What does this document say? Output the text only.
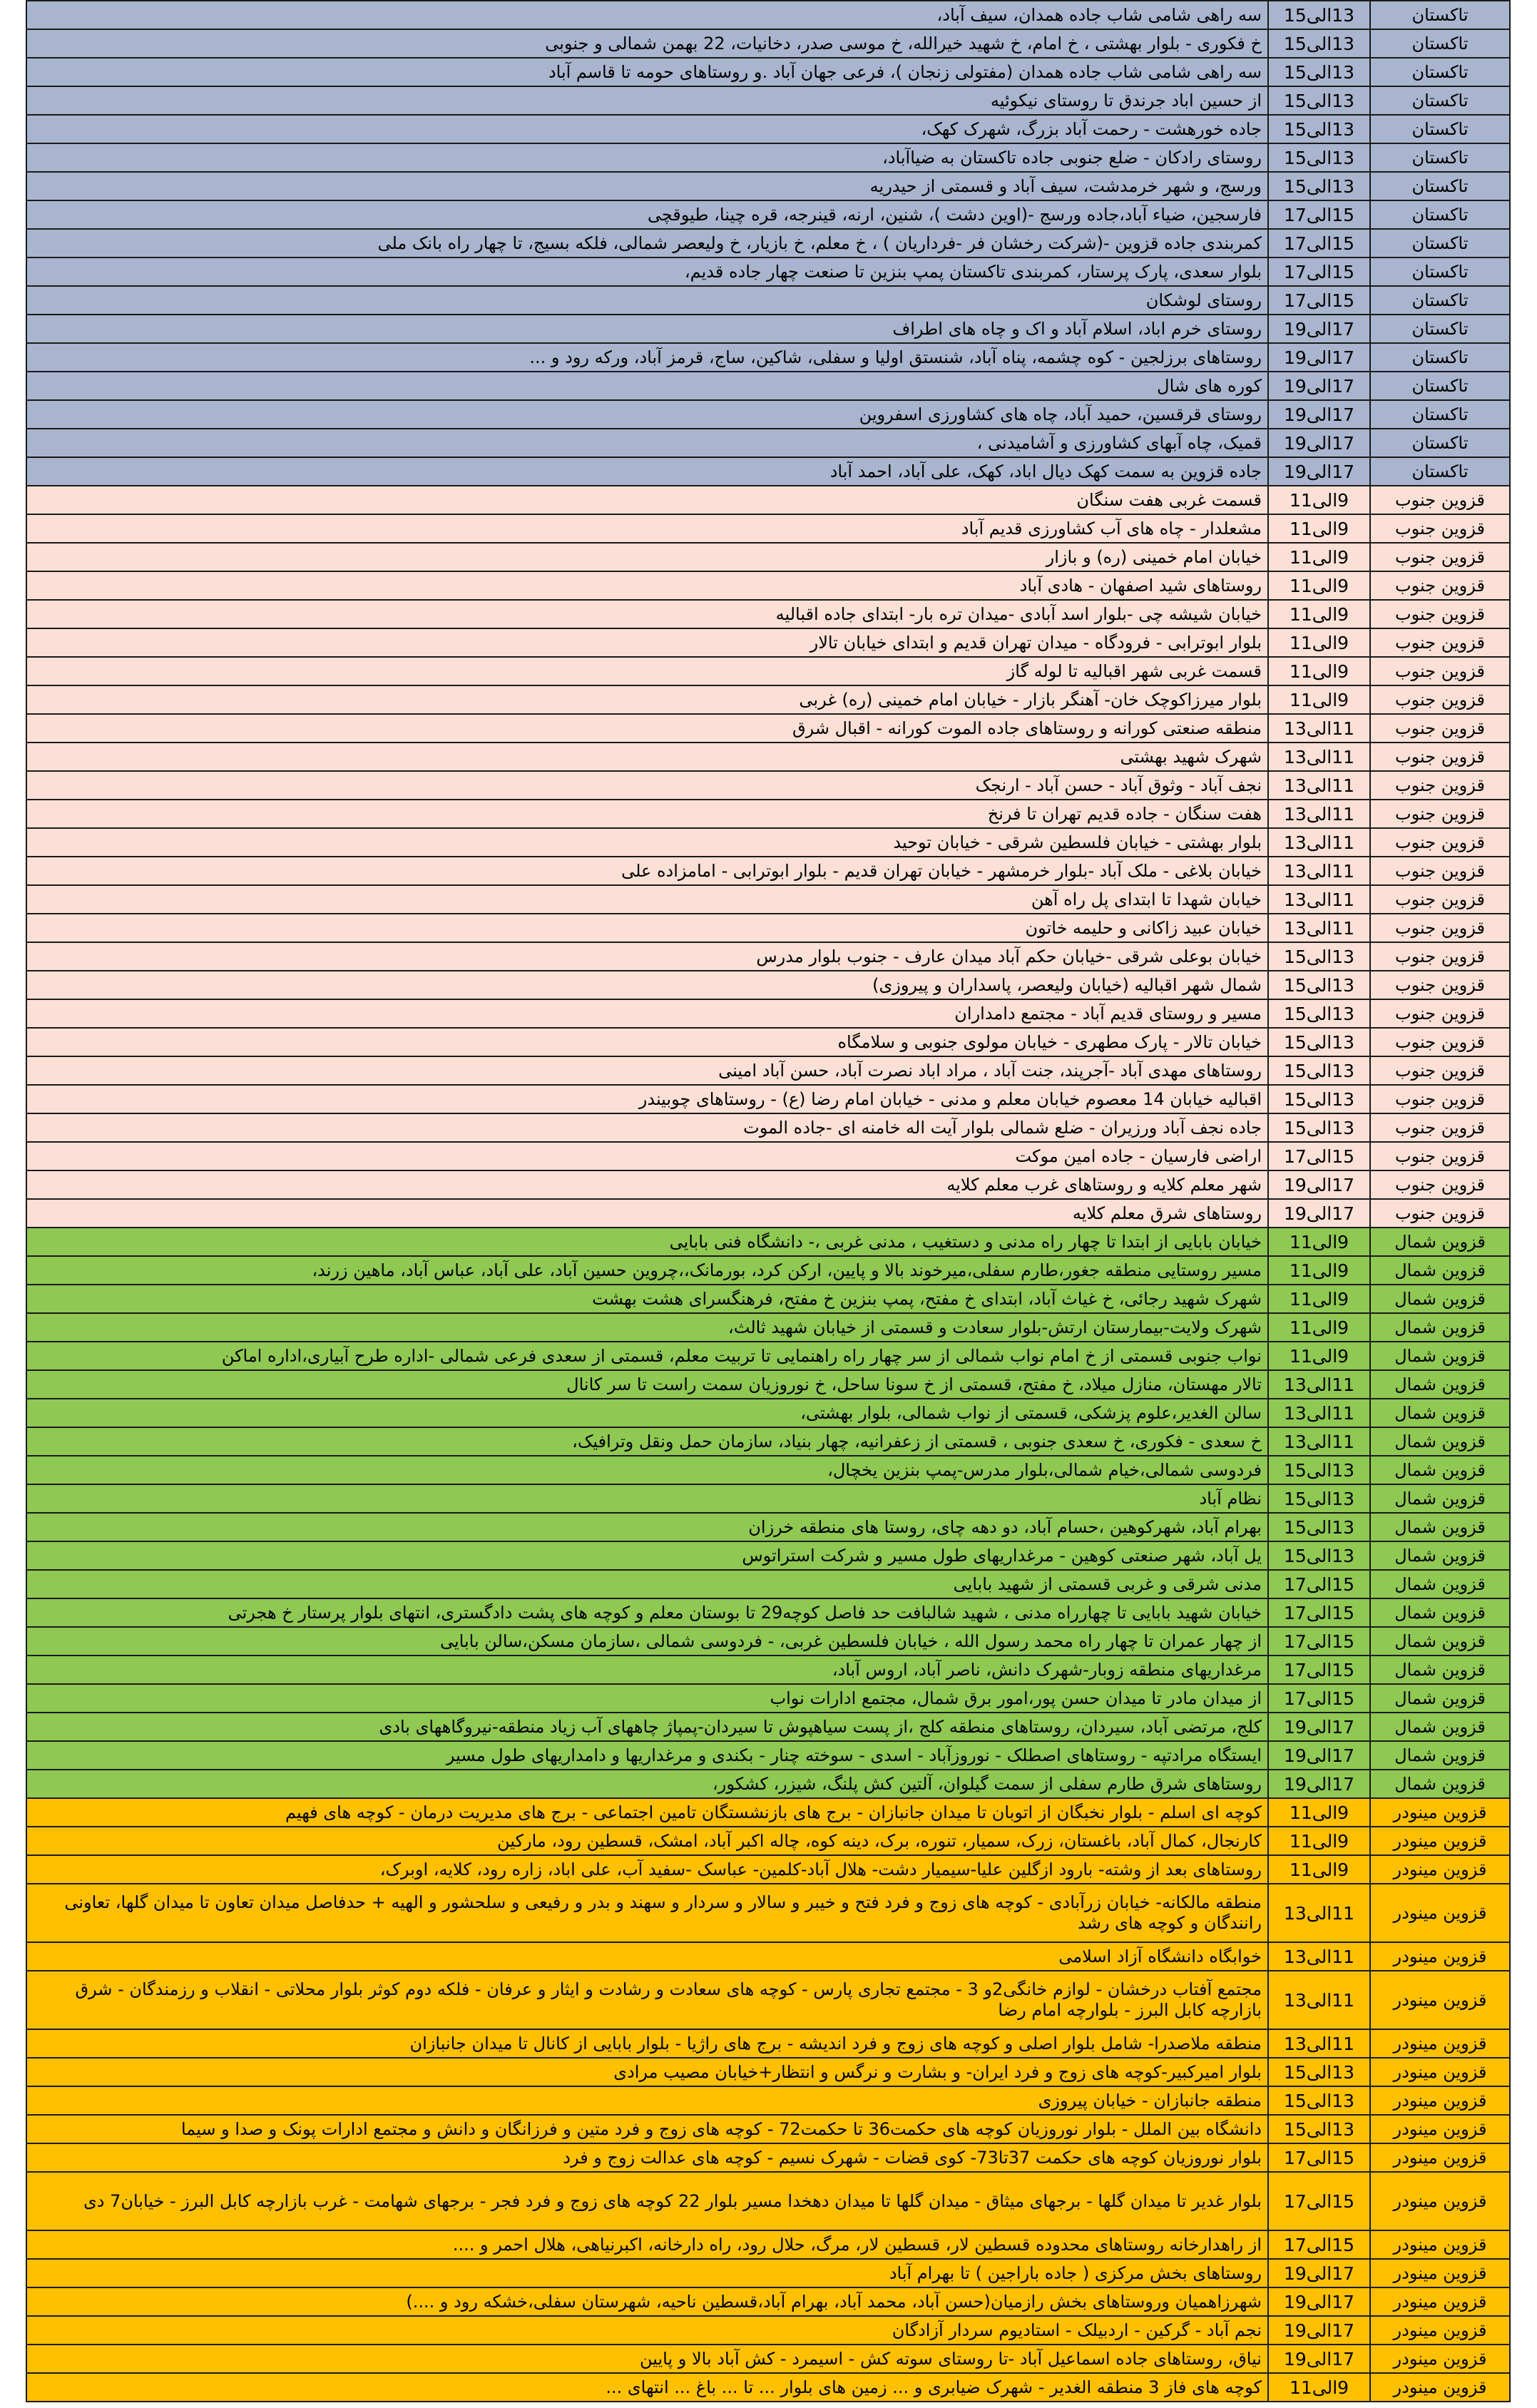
تاکستان	13الی15	سه راهی شامی شاب جاده همدان، سیف آباد،
تاکستان	13الی15	خ فکوری - بلوار بهشتی ، خ امام، خ شهید خیرالله، خ موسی صدر، دخانیات، 22 بهمن شمالی و جنوبی
تاکستان	13الی15	سه راهی شامی شاب جاده همدان (مفتولی زنجان )، فرعی جهان آباد .و روستاهای حومه تا قاسم آباد
تاکستان	13الی15	از حسین اباد جرندق تا روستای نیکوئیه
تاکستان	13الی15	جاده خورهشت - رحمت آباد بزرگ، شهرک کهک،
تاکستان	13الی15	روستای رادکان - ضلع جنوبی جاده تاکستان به ضیاآباد،
تاکستان	13الی15	ورسج، و شهر خرمدشت، سیف آباد و قسمتی از حیدریه
تاکستان	15الی17	فارسجین، ضیاء آباد،جاده ورسج -(اوین دشت )، شنین، ارنه، قینرجه، قره چینا، طیوقچی
تاکستان	15الی17	کمربندی جاده قزوین -(شرکت رخشان فر -فرداریان ) ، خ معلم، خ بازیار، خ ولیعصر شمالی، فلکه بسیج، تا چهار راه بانک ملی
تاکستان	15الی17	بلوار سعدی، پارک پرستار، کمربندی تاکستان پمپ بنزین تا صنعت چهار جاده قدیم،
تاکستان	15الی17	روستای لوشکان
تاکستان	17الی19	روستای خرم اباد، اسلام آباد و اک و چاه های اطراف
تاکستان	17الی19	روستاهای برزلجین - کوه چشمه، پناه آباد، شنستق اولیا و سفلی، شاکین، ساج، قرمز آباد، ورکه رود و ...
تاکستان	17الی19	کوره های شال
تاکستان	17الی19	روستای قرقسین، حمید آباد، چاه های کشاورزی اسفروین
تاکستان	17الی19	قمیک، چاه آبهای کشاورزی و آشامیدنی ،
تاکستان	17الی19	جاده قزوین به سمت کهک دیال اباد، کهک، علی آباد، احمد آباد
قزوین جنوب	9الی11	قسمت غربی هفت سنگان
قزوین جنوب	9الی11	مشعلدار - چاه های آب کشاورزی قدیم آباد
قزوین جنوب	9الی11	خیابان امام خمینی (ره) و بازار
قزوین جنوب	9الی11	روستاهای شید اصفهان - هادی آباد
قزوین جنوب	9الی11	خیابان شیشه چی -بلوار اسد آبادی -میدان تره بار- ابتدای جاده اقبالیه
قزوین جنوب	9الی11	بلوار ابوترابی - فرودگاه - میدان تهران قدیم و ابتدای خیابان تالار
قزوین جنوب	9الی11	قسمت غربی شهر اقبالیه تا لوله گاز
قزوین جنوب	9الی11	بلوار میرزاکوچک خان- آهنگر بازار - خیابان امام خمینی (ره) غربی
قزوین جنوب	11الی13	منطقه صنعتی کورانه و روستاهای جاده الموت کورانه - اقبال شرق
قزوین جنوب	11الی13	شهرک شهید بهشتی
قزوین جنوب	11الی13	نجف آباد - وثوق آباد - حسن آباد - ارنجک
قزوین جنوب	11الی13	هفت سنگان - جاده قدیم تهران تا فرنخ
قزوین جنوب	11الی13	بلوار بهشتی - خیابان فلسطین شرقی - خیابان توحید
قزوین جنوب	11الی13	خیابان بلاغی - ملک آباد -بلوار خرمشهر - خیابان تهران قدیم - بلوار ابوترابی - امامزاده علی
قزوین جنوب	11الی13	خیابان شهدا تا ابتدای پل راه آهن
قزوین جنوب	11الی13	خیابان عبید زاکانی و حلیمه خاتون
قزوین جنوب	13الی15	خیابان بوعلی شرقی -خیابان حکم آباد میدان عارف - جنوب بلوار مدرس
قزوین جنوب	13الی15	شمال شهر اقبالیه (خیابان ولیعصر، پاسداران و پیروزی)
قزوین جنوب	13الی15	مسیر و روستای قدیم آباد - مجتمع دامداران
قزوین جنوب	13الی15	خیابان تالار - پارک مطهری - خیابان مولوی جنوبی و سلامگاه
قزوین جنوب	13الی15	روستاهای مهدی آباد -آجرپند، جنت آباد ، مراد اباد نصرت آباد، حسن آباد امینی
قزوین جنوب	13الی15	اقبالیه خیابان 14 معصوم خیابان معلم و مدنی - خیابان امام رضا (ع) - روستاهای چوبیندر
قزوین جنوب	13الی15	جاده نجف آباد ورزیران - ضلع شمالی بلوار آیت اله خامنه ای -جاده الموت
قزوین جنوب	15الی17	اراضی فارسیان - جاده امین موکت
قزوین جنوب	17الی19	شهر معلم کلایه و روستاهای غرب معلم کلایه
قزوین جنوب	17الی19	روستاهای شرق معلم کلایه
قزوین شمال	9الی11	خیابان بابایی از ابتدا تا چهار راه مدنی و دستغیب ، مدنی غربی ،- دانشگاه فنی بابایی
قزوین شمال	9الی11	مسیر روستایی منطقه جغور،طارم سفلی،میرخوند بالا و پایین، ارکن کرد، بورمانک،،چروین حسین آباد، علی آباد، عباس آباد، ماهین زرند،
قزوین شمال	9الی11	شهرک شهید رجائی، خ غیاث آباد، ابتدای خ مفتح، پمپ بنزین خ مفتح، فرهنگسرای هشت بهشت
قزوین شمال	9الی11	شهرک ولایت-بیمارستان ارتش-بلوار سعادت و قسمتی از خیابان شهید ثالث،
قزوین شمال	9الی11	نواب جنوبی قسمتی از خ امام نواب شمالی از سر چهار راه راهنمایی تا تربیت معلم، قسمتی از سعدی فرعی شمالی -اداره طرح آبیاری،اداره اماکن
قزوین شمال	11الی13	تالار مهستان، منازل میلاد، خ مفتح، قسمتی از خ سونا ساحل، خ نوروزیان سمت راست تا سر کانال
قزوین شمال	11الی13	سالن الغدیر،علوم پزشکی، قسمتی از نواب شمالی، بلوار بهشتی،
قزوین شمال	11الی13	خ سعدی - فکوری، خ سعدی جنوبی ، قسمتی از زعفرانیه، چهار بنیاد، سازمان حمل ونقل وترافیک،
قزوین شمال	13الی15	فردوسی شمالی،خیام شمالی،بلوار مدرس-پمپ بنزین یخچال،
قزوین شمال	13الی15	نظام آباد
قزوین شمال	13الی15	بهرام آباد، شهرکوهین ،حسام آباد، دو دهه چای، روستا های منطقه خرزان
قزوین شمال	13الی15	یل آباد، شهر صنعتی کوهین - مرغداریهای طول مسیر و شرکت استراتوس
قزوین شمال	15الی17	مدنی شرقی و غربی قسمتی از شهید بابایی
قزوین شمال	15الی17	خیابان شهید بابایی تا چهارراه مدنی ، شهید شالبافت حد فاصل کوچه29 تا بوستان معلم و کوچه های پشت دادگستری، انتهای بلوار پرستار خ هجرتی
قزوین شمال	15الی17	از چهار عمران تا چهار راه محمد رسول الله ، خیابان فلسطین غربی، - فردوسی شمالی ،سازمان مسکن،سالن بابایی
قزوین شمال	15الی17	مرغداریهای منطقه زوبار-شهرک دانش، ناصر آباد، اروس آباد،
قزوین شمال	15الی17	از میدان مادر تا میدان حسن پور،امور برق شمال، مجتمع ادارات نواب
قزوین شمال	17الی19	کلج، مرتضی آباد، سیردان، روستاهای منطقه کلج ،از پست سیاهپوش تا سیردان-پمپاژ چاههای آب زیاد منطقه-نیروگاههای بادی
قزوین شمال	17الی19	ایستگاه مرادتپه - روستاهای اصطلک - نوروزآباد - اسدی - سوخته چنار - بکندی و مرغداریها و دامداریهای طول مسیر
قزوین شمال	17الی19	روستاهای شرق طارم سفلی از سمت گیلوان، آلتین کش پلنگ، شیزر، کشکور،
قزوین مینودر	9الی11	کوچه ای اسلم - بلوار نخبگان از اتوبان تا میدان جانبازان - برج های بازنشستگان تامین اجتماعی - برج های مدیریت درمان - کوچه های فهیم
قزوین مینودر	9الی11	کارنجال، کمال آباد، باغستان، زرک، سمیار، تنوره، برک، دینه کوه، چاله اکبر آباد، امشک، قسطین رود، مارکین
قزوین مینودر	9الی11	روستاهای بعد از وشته- بارود ازگلین علیا-سیمیار دشت- هلال آباد-کلمین- عباسک -سفید آب، علی اباد، زاره رود، کلایه، اوبرک،
قزوین مینودر	11الی13	منطقه مالکانه- خیابان زرآبادی - کوچه های زوج و فرد فتح و خیبر و سالار و سردار و سهند و بدر و رفیعی و سلحشور و الهیه + حدفاصل میدان تعاون تا میدان گلها، تعاونی رانندگان و کوچه های رشد
قزوین مینودر	11الی13	خوابگاه دانشگاه آزاد اسلامی
قزوین مینودر	11الی13	مجتمع آفتاب درخشان - لوازم خانگی2و 3 - مجتمع تجاری پارس - کوچه های سعادت و رشادت و ایثار و عرفان - فلکه دوم کوثر بلوار محلاتی - انقلاب و رزمندگان - شرق بازارچه کابل البرز - بلوارچه امام رضا
قزوین مینودر	11الی13	منطقه ملاصدرا- شامل بلوار اصلی و کوچه های زوج و فرد اندیشه - برج های راژیا - بلوار بابایی از کانال تا میدان جانبازان
قزوین مینودر	13الی15	بلوار امیرکبیر-کوچه های زوج و فرد ایران- و بشارت و نرگس و انتظار+خیابان مصیب مرادی
قزوین مینودر	13الی15	منطقه جانبازان - خیابان پیروزی
قزوین مینودر	13الی15	دانشگاه بین الملل - بلوار نوروزیان کوچه های حکمت36 تا حکمت72 - کوچه های زوج و فرد متین و فرزانگان و دانش و مجتمع ادارات پونک و صدا و سیما
قزوین مینودر	15الی17	بلوار نوروزیان کوچه های حکمت 37تا73- کوی قضات - شهرک نسیم - کوچه های عدالت زوج و فرد
قزوین مینودر	15الی17	بلوار غدیر تا میدان گلها - برجهای میثاق - میدان گلها تا میدان دهخدا مسیر بلوار 22 کوچه های زوج و فرد فجر - برجهای شهامت - غرب بازارچه کابل البرز - خیابان7 دی
قزوین مینودر	15الی17	از راهدارخانه روستاهای محدوده قسطین لار، قسطین لار، مرگ، حلال رود، راه دارخانه، اکبرنیاهی، هلال احمر و ....
قزوین مینودر	17الی19	روستاهای بخش مرکزی ( جاده باراجین ) تا بهرام آباد
قزوین مینودر	17الی19	شهرزاهمیان وروستاهای بخش رازمیان(حسن آباد، محمد آباد، بهرام آباد،قسطین ناحیه، شهرستان سفلی،خشکه رود و ....)
قزوین مینودر	17الی19	نجم آباد - گرکین - اردبیلک - استادیوم سردار آزادگان
قزوین مینودر	17الی19	نیاق، روستاهای جاده اسماعیل آباد -تا روستای سوته کش - اسیمرد - کش آباد بالا و پایین
قزوین مینودر	9الی11	کوچه های فاز 3 منطقه الغدیر - شهرک ضیابری و ... زمین های بلوار ... تا ... باغ ... انتهای ...
